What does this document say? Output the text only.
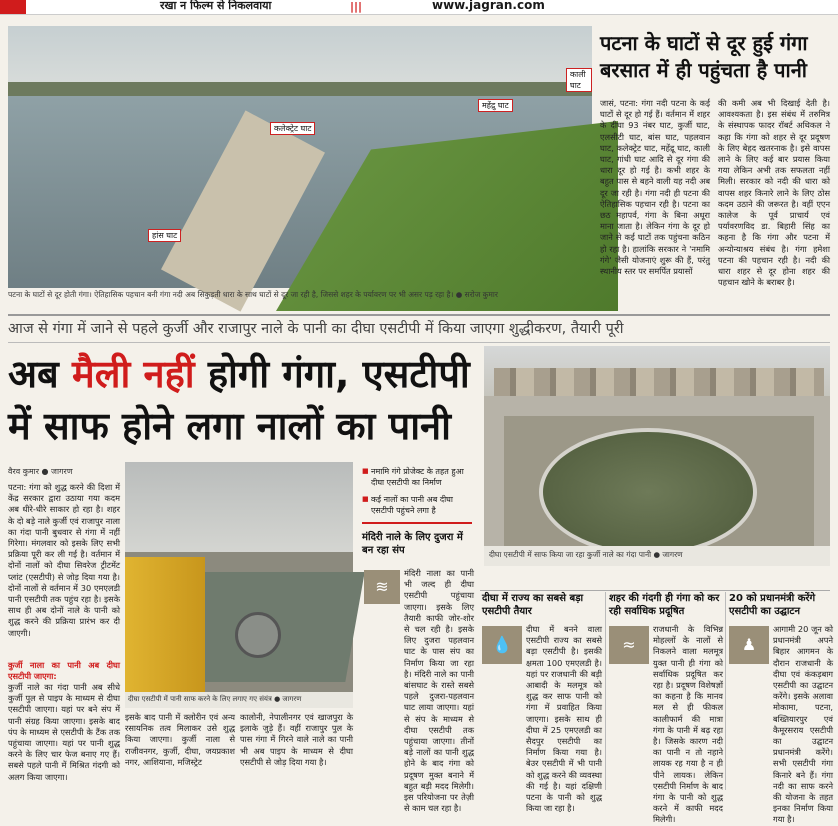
रखा न फिल्म से निकलवाया	|||	www.jagran.com
काली घाट
महेंद्रु घाट
कलेक्ट्रेट घाट
हांस घाट
पटना के घाटों से दूर होती गंगा। ऐतिहासिक पहचान बनी गंगा नदी अब सिकुड़ती धारा के साथ घाटों से दूर जा रही है, जिससे शहर के पर्यावरण पर भी असर पड़ रहा है। ● सरोज कुमार
पटना के घाटों से दूर हुई गंगा बरसात में ही पहुंचता है पानी
जासं, पटना: गंगा नदी पटना के कई घाटों से दूर हो गई हैं। वर्तमान में शहर के दीघा 93 नंबर घाट, कुर्जी घाट, एलसीटी घाट, बांस घाट, पहलवान घाट, कलेक्ट्रेट घाट, महेंद्रू घाट, काली घाट, गांधी घाट आदि से दूर गंगा की धारा दूर हो गई है। कभी शहर के बहुत पास से बहने वाली यह नदी अब दूर जा रही है। गंगा नदी ही पटना की ऐतिहासिक पहचान रही है। पटना का छठ महापर्व, गंगा के बिना अधूरा माना जाता है। लेकिन गंगा के दूर हो जाने से कई घाटों तक पहुंचना कठिन हो रहा है। हालांकि सरकार ने 'नमामि गंगे' जैसी योजनाएं शुरू की हैं, परंतु स्थानीय स्तर पर समर्पित प्रयासों
की कमी अब भी दिखाई देती है। आवश्यकता है। इस संबंध में तरुमित्र के संस्थापक फादर रॉबर्ट अथिकल ने कहा कि गंगा को शहर से दूर प्रदूषण के लिए बेहद खतरनाक है। इसे वापस लाने के लिए कई बार प्रयास किया गया लेकिन अभी तक सफलता नहीं मिली। सरकार को नदी की धारा को वापस शहर किनारे लाने के लिए ठोस कदम उठाने की जरूरत है। वहीं एएन कालेज के पूर्व प्राचार्य एवं पर्यावरणविद डा. बिहारी सिंह का कहना है कि गंगा और पटना में अन्योन्याश्रय संबंध है। गंगा हमेशा पटना की पहचान रही है। नदी की धारा शहर से दूर होना शहर की पहचान खोने के बराबर है।
आज से गंगा में जाने से पहले कुर्जी और राजापुर नाले के पानी का दीघा एसटीपी में किया जाएगा शुद्धीकरण, तैयारी पूरी
अब मैली नहीं होगी गंगा, एसटीपी में साफ होने लगा नालों का पानी
दीघा एसटीपी में साफ किया जा रहा कुर्जी नाले का गंदा पानी ● जागरण
वैरव कुमार ● जागरण
पटना: गंगा को शुद्ध करने की दिशा में केंद्र सरकार द्वारा उठाया गया कदम अब धीरे-धीरे साकार हो रहा है। शहर के दो बड़े नाले कुर्जी एवं राजापुर नाला का गंदा पानी बुधवार से गंगा में नहीं गिरेगा। मंगलवार को इसके लिए सभी प्रक्रिया पूरी कर ली गई है। वर्तमान में दोनों नालों को दीघा सिवरेज ट्रीटमेंट प्लांट (एसटीपी) से जोड़ दिया गया है। दोनों नालों से वर्तमान में 30 एमएलडी पानी एसटीपी तक पहुंच रहा है। इसके साथ ही अब दोनों नाले के पानी को शुद्ध करने की प्रक्रिया प्रारंभ कर दी जाएगी।
कुर्जी नाला का पानी अब दीघा एसटीपी जाएगा:
कुर्जी नाले का गंदा पानी अब सीधे कुर्जी पुल से पाइप के माध्यम से दीघा एसटीपी जाएगा। यहां पर बने संप में पानी संग्रह किया जाएगा। इसके बाद पंप के माध्यम से एसटीपी के टैंक तक पहुंचाया जाएगा। यहां पर पानी शुद्ध करने के लिए चार फेज बनाए गए हैं। सबसे पहले पानी में मिश्रित गंदगी को अलग किया जाएगा।
दीघा एसटीपी में पानी साफ करने के लिए लगाए गए संयंत्र ● जागरण
इसके बाद पानी में क्लोरीन एवं अन्य रसायनिक तत्व मिलाकर उसे शुद्ध किया जाएगा। कुर्जी नाला से राजीवनगर, कुर्जी, दीघा, जयप्रकाश नगर, आशियाना, मजिस्ट्रेट
कालोनी, नेपालीनगर एवं खाजपुरा के इलाके जुड़े हैं। वहीं राजापुर पुल के पास गंगा में गिरने वाले नाले का पानी भी अब पाइप के माध्यम से दीघा एसटीपी से जोड़ दिया गया है।
■ नमामि गंगे प्रोजेक्ट के तहत हुआ दीघा एसटीपी का निर्माण
■ कई नालों का पानी अब दीघा एसटीपी पहुंचने लगा है
मंदिरी नाले के लिए दुजरा में बन रहा संप
≋
मंदिरी नाला का पानी भी जल्द ही दीघा एसटीपी पहुंचाया जाएगा। इसके लिए तैयारी काफी जोर-शोर से चल रही है। इसके लिए दुजरा पहलवान घाट के पास संप का निर्माण किया जा रहा है। मंदिरी नाले का पानी बांसघाट के रास्ते सबसे पहले दुजरा-पहलवान घाट लाया जाएगा। यहां से संप के माध्यम से दीघा एसटीपी तक पहुंचाया जाएगा। तीनों बड़े नालों का पानी शुद्ध होने के बाद गंगा को प्रदूषण मुक्त बनाने में बहुत बड़ी मदद मिलेगी। इस परियोजना पर तेज़ी से काम चल रहा है।
दीघा में राज्य का सबसे बड़ा एसटीपी तैयार
💧
दीघा में बनने वाला एसटीपी राज्य का सबसे बड़ा एसटीपी है। इसकी क्षमता 100 एमएलडी है। यहां पर राजधानी की बड़ी आबादी के मलमूत्र को शुद्ध कर साफ पानी को गंगा में प्रवाहित किया जाएगा। इसके साथ ही दीघा में 25 एमएलडी का सैदपुर एसटीपी का निर्माण किया गया है। बेउर एसटीपी में भी पानी को शुद्ध करने की व्यवस्था की गई है। यहां दक्षिणी पटना के पानी को शुद्ध किया जा रहा है।
शहर की गंदगी ही गंगा को कर रही सर्वाधिक प्रदूषित
≈
राजधानी के विभिन्न मोहल्लों के नालों से निकलने वाला मलमूत्र युक्त पानी ही गंगा को सर्वाधिक प्रदूषित कर रहा है। प्रदूषण विशेषज्ञों का कहना है कि मानव मल से ही फीकल कालीफार्म की मात्रा गंगा के पानी में बढ़ रहा है। जिसके कारण नदी का पानी न तो नहाने लायक रह गया है न ही पीने लायक। लेकिन एसटीपी निर्माण के बाद गंगा के पानी को शुद्ध करने में काफी मदद मिलेगी।
20 को प्रधानमंत्री करेंगे एसटीपी का उद्घाटन
♟
आगामी 20 जून को प्रधानमंत्री अपने बिहार आगमन के दौरान राजधानी के दीघा एवं कंकड़बाग एसटीपी का उद्घाटन करेंगे। इसके अलावा मोकामा, पटना, बख्तियारपुर एवं कैमूरसराय एसटीपी का उद्घाटन प्रधानमंत्री करेंगे। सभी एसटीपी गंगा किनारे बने हैं। गंगा नदी का साफ करने की योजना के तहत इनका निर्माण किया गया है।
